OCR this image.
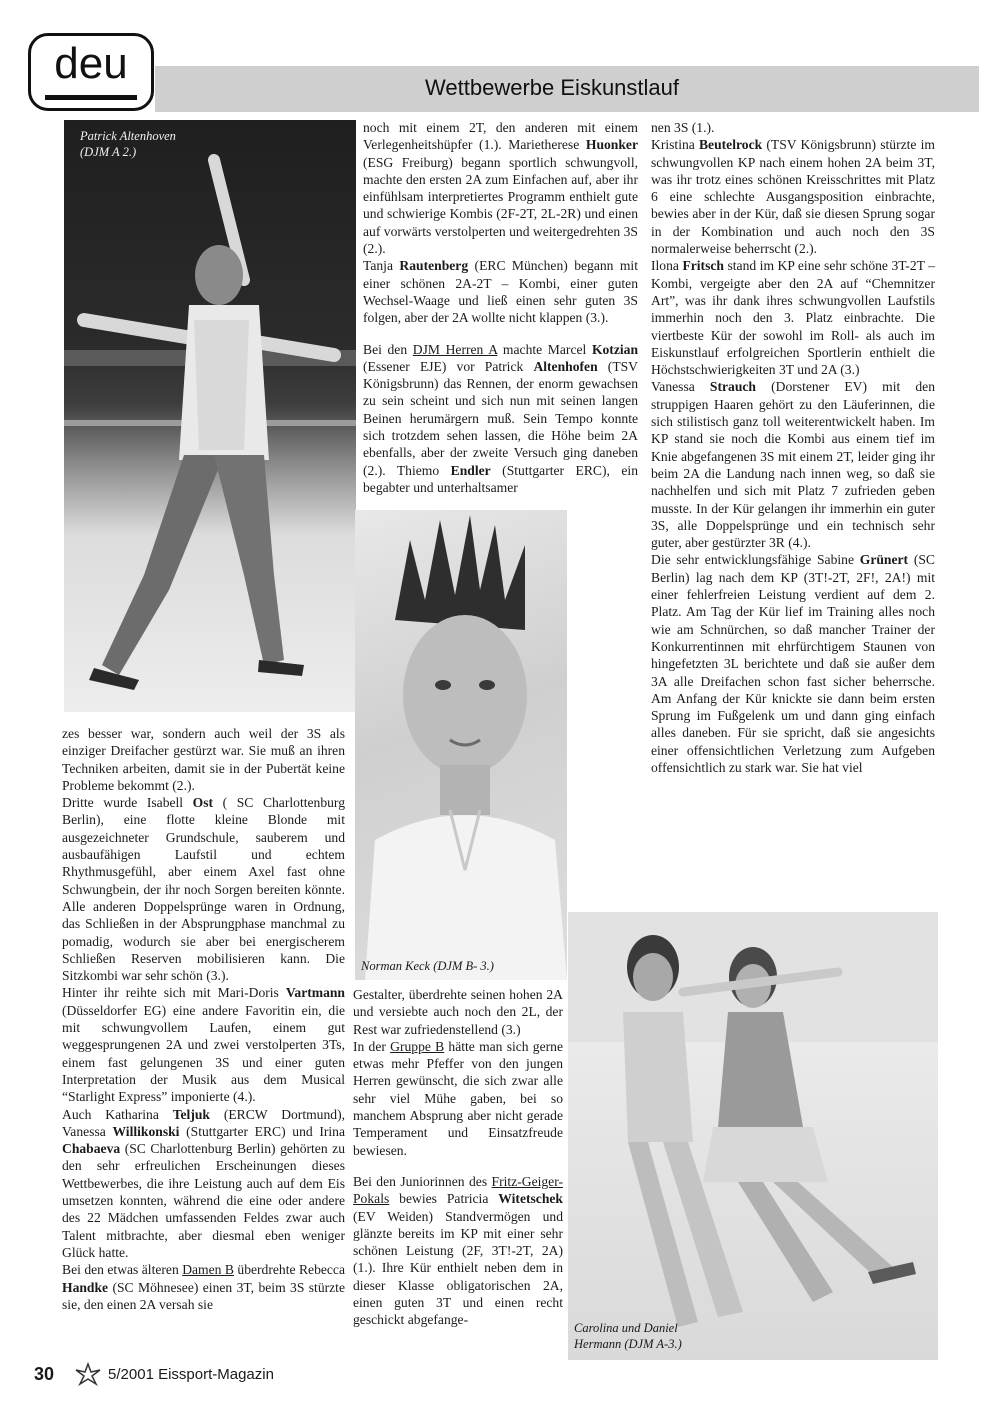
deu	Wettbewerbe Eiskunstlauf
Patrick Altenhoven
(DJM A 2.)
Norman Keck (DJM B- 3.)
Carolina und Daniel
Hermann (DJM A-3.)

zes besser war, sondern auch weil der 3S als einziger Dreifacher gestürzt war. Sie muß an ihren Techniken arbeiten, damit sie in der Pubertät keine Probleme bekommt (2.).

Dritte wurde Isabell Ost ( SC Charlottenburg Berlin), eine flotte kleine Blonde mit ausgezeichneter Grundschule, sauberem und ausbaufähigen Laufstil und echtem Rhythmusgefühl, aber einem Axel fast ohne Schwungbein, der ihr noch Sorgen bereiten könnte. Alle anderen Doppelsprünge waren in Ordnung, das Schließen in der Absprungphase manchmal zu pomadig, wodurch sie aber bei energischerem Schließen Reserven mobilisieren kann. Die Sitzkombi war sehr schön (3.).

Hinter ihr reihte sich mit Mari-Doris Vartmann (Düsseldorfer EG) eine andere Favoritin ein, die mit schwungvollem Laufen, einem gut weggesprungenen 2A und zwei verstolperten 3Ts, einem fast gelungenen 3S und einer guten Interpretation der Musik aus dem Musical “Starlight Express” imponierte (4.).

Auch Katharina Teljuk (ERCW Dortmund), Vanessa Willikonski (Stuttgarter ERC) und Irina Chabaeva (SC Charlottenburg Berlin) gehörten zu den sehr erfreulichen Erscheinungen dieses Wettbewerbes, die ihre Leistung auch auf dem Eis umsetzen konnten, während die eine oder andere des 22 Mädchen umfassenden Feldes zwar auch Talent mitbrachte, aber diesmal eben weniger Glück hatte.

Bei den etwas älteren Damen B überdrehte Rebecca Handke (SC Möhnesee) einen 3T, beim 3S stürzte sie, den einen 2A versah sie

noch mit einem 2T, den anderen mit einem Verlegenheitshüpfer (1.). Marietherese Huonker (ESG Freiburg) begann sportlich schwungvoll, machte den ersten 2A zum Einfachen auf, aber ihr einfühlsam interpretiertes Programm enthielt gute und schwierige Kombis (2F-2T, 2L-2R) und einen auf vorwärts verstolperten und weitergedrehten 3S (2.).

Tanja Rautenberg (ERC München) begann mit einer schönen 2A-2T – Kombi, einer guten Wechsel-Waage und ließ einen sehr guten 3S folgen, aber der 2A wollte nicht klappen (3.).

Bei den DJM Herren A machte Marcel Kotzian (Essener EJE) vor Patrick Altenhofen (TSV Königsbrunn) das Rennen, der enorm gewachsen zu sein scheint und sich nun mit seinen langen Beinen herumärgern muß. Sein Tempo konnte sich trotzdem sehen lassen, die Höhe beim 2A ebenfalls, aber der zweite Versuch ging daneben (2.). Thiemo Endler (Stuttgarter ERC), ein begabter und unterhaltsamer

Gestalter, überdrehte seinen hohen 2A und versiebte auch noch den 2L, der Rest war zufriedenstellend (3.)

In der Gruppe B hätte man sich gerne etwas mehr Pfeffer von den jungen Herren gewünscht, die sich zwar alle sehr viel Mühe gaben, bei so manchem Absprung aber nicht gerade Temperament und Einsatzfreude bewiesen.

Bei den Juniorinnen des Fritz-Geiger-Pokals bewies Patricia Witetschek (EV Weiden) Standvermögen und glänzte bereits im KP mit einer sehr schönen Leistung (2F, 3T!-2T, 2A) (1.). Ihre Kür enthielt neben dem in dieser Klasse obligatorischen 2A, einen guten 3T und einen recht geschickt abgefange-

nen 3S (1.).

Kristina Beutelrock (TSV Königsbrunn) stürzte im schwungvollen KP nach einem hohen 2A beim 3T, was ihr trotz eines schönen Kreisschrittes mit Platz 6 eine schlechte Ausgangsposition einbrachte, bewies aber in der Kür, daß sie diesen Sprung sogar in der Kombination und auch noch den 3S normalerweise beherrscht (2.).

Ilona Fritsch stand im KP eine sehr schöne 3T-2T – Kombi, vergeigte aber den 2A auf “Chemnitzer Art”, was ihr dank ihres schwungvollen Laufstils immerhin noch den 3. Platz einbrachte. Die viertbeste Kür der sowohl im Roll- als auch im Eiskunstlauf erfolgreichen Sportlerin enthielt die Höchstschwierigkeiten 3T und 2A (3.)

Vanessa Strauch (Dorstener EV) mit den struppigen Haaren gehört zu den Läuferinnen, die sich stilistisch ganz toll weiterentwickelt haben. Im KP stand sie noch die Kombi aus einem tief im Knie abgefangenen 3S mit einem 2T, leider ging ihr beim 2A die Landung nach innen weg, so daß sie nachhelfen und sich mit Platz 7 zufrieden geben musste. In der Kür gelangen ihr immerhin ein guter 3S, alle Doppelsprünge und ein technisch sehr guter, aber gestürzter 3R (4.).

Die sehr entwicklungsfähige Sabine Grünert (SC Berlin) lag nach dem KP (3T!-2T, 2F!, 2A!) mit einer fehlerfreien Leistung verdient auf dem 2. Platz. Am Tag der Kür lief im Training alles noch wie am Schnürchen, so daß mancher Trainer der Konkurrentinnen mit ehrfürchtigem Staunen von hingefetzten 3L berichtete und daß sie außer dem 3A alle Dreifachen schon fast sicher beherrsche. Am Anfang der Kür knickte sie dann beim ersten Sprung im Fußgelenk um und dann ging einfach alles daneben. Für sie spricht, daß sie angesichts einer offensichtlichen Verletzung zum Aufgeben offensichtlich zu stark war. Sie hat viel

30	5/2001 Eissport-Magazin
